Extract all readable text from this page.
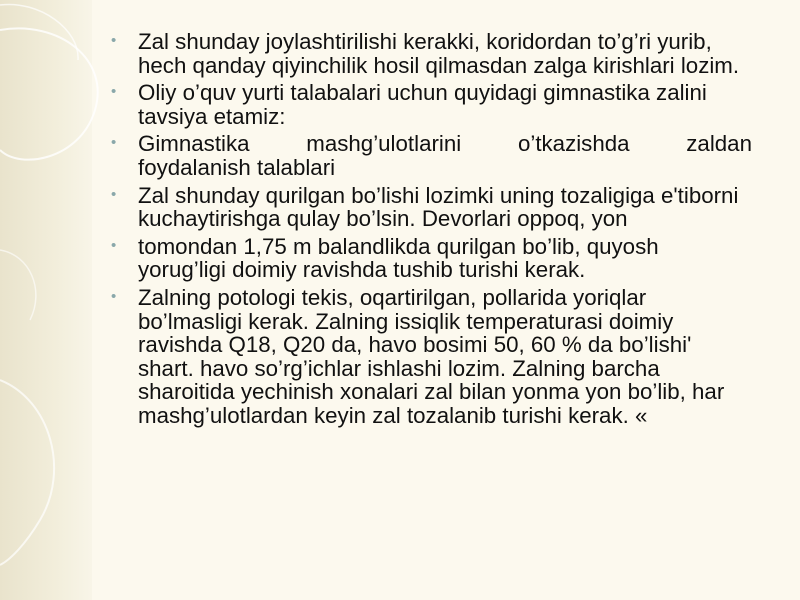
• Zal shunday joylashtirilishi kerakki, koridordan to’g’ri yurib, hech qanday qiyinchilik hosil qilmasdan zalga kirishlari lozim.
• Oliy o’quv yurti talabalari uchun quyidagi gimnastika zalini tavsiya etamiz:
• Gimnastika mashg’ulotlarini o’tkazishda zaldan
foydalanish talablari
• Zal shunday qurilgan bo’lishi lozimki uning tozaligiga e'tiborni kuchaytirishga qulay bo’lsin. Devorlari oppoq, yon
• tomondan 1,75 m balandlikda qurilgan bo’lib, quyosh yorug’ligi doimiy ravishda tushib turishi kerak.
• Zalning potologi tekis, oqartirilgan, pollarida yoriqlar bo’lmasligi kerak. Zalning issiqlik temperaturasi doimiy ravishda Q18, Q20 da, havo bosimi 50, 60 % da bo’lishi' shart. havo so’rg’ichlar ishlashi lozim. Zalning barcha sharoitida yechinish xonalari zal bilan yonma yon bo’lib, har mashg’ulotlardan keyin zal tozalanib turishi kerak. «
